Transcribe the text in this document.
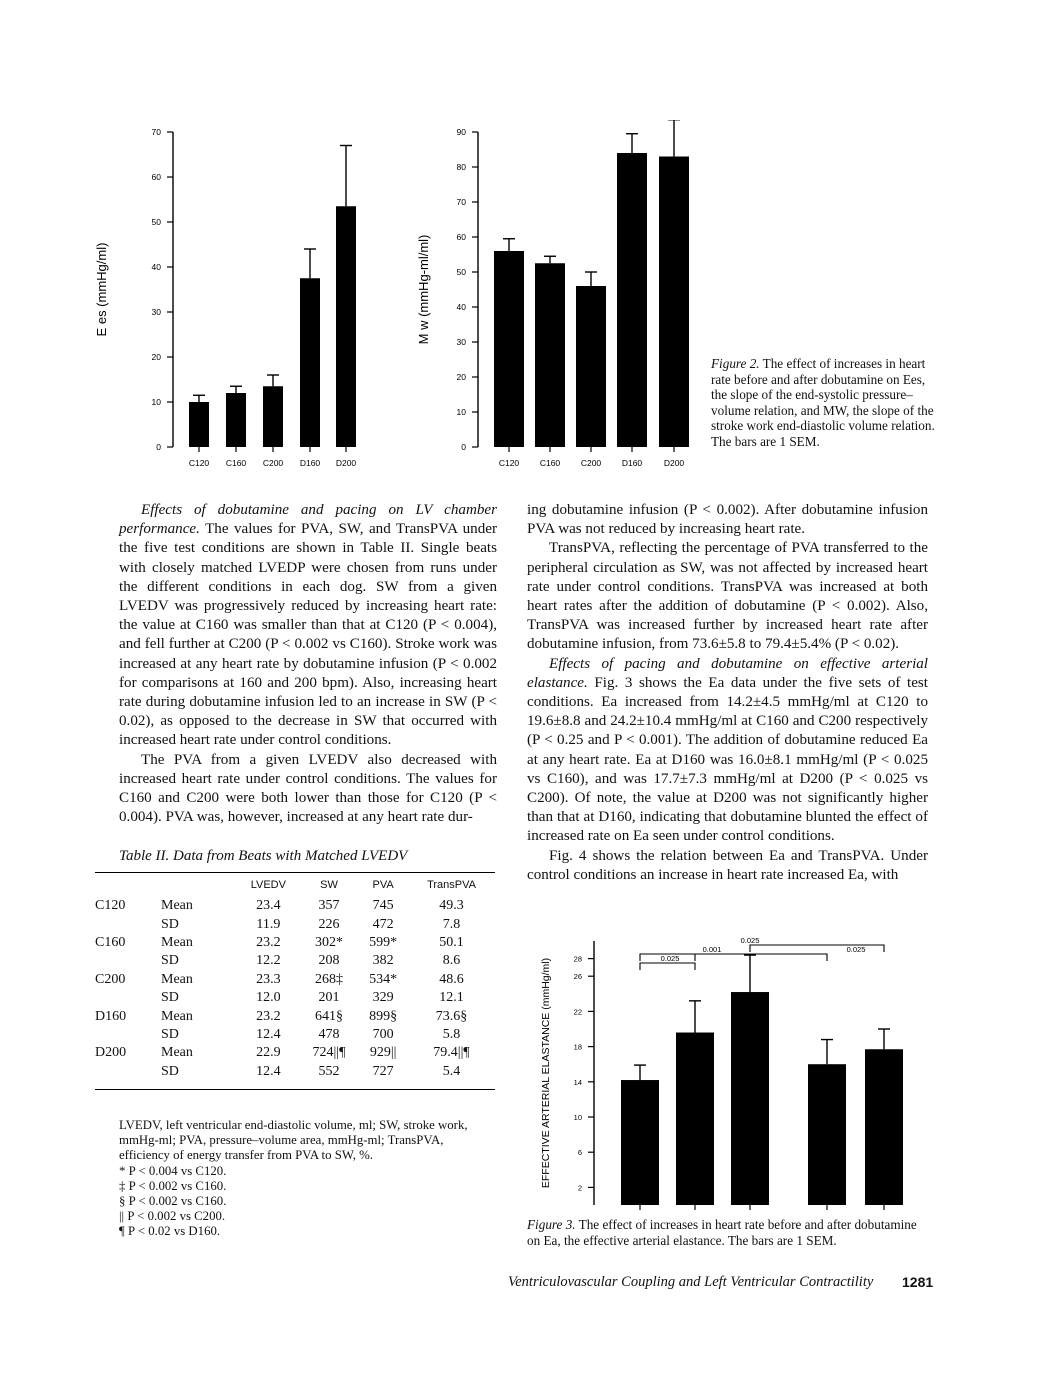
0
10
20
30
40
50
60
70
E es (mmHg/ml)
C120 C160 C200 D160 D200
0
10
20
30
40
50
60
70
80
90
M w (mmHg-ml/ml)
C120 C160 C200 D160	D200
Figure 2. The effect of increases in heart rate before and after dobutamine on Ees, the slope of the end-systolic pressure–volume relation, and MW, the slope of the stroke work end-diastolic volume relation. The bars are 1 SEM.

Effects of dobutamine and pacing on LV chamber performance. The values for PVA, SW, and TransPVA under the five test conditions are shown in Table II. Single beats with closely matched LVEDP were chosen from runs under the different conditions in each dog. SW from a given LVEDV was progressively reduced by increasing heart rate: the value at C160 was smaller than that at C120 (P < 0.004), and fell further at C200 (P < 0.002 vs C160). Stroke work was increased at any heart rate by dobutamine infusion (P < 0.002 for comparisons at 160 and 200 bpm). Also, increasing heart rate during dobutamine infusion led to an increase in SW (P < 0.02), as opposed to the decrease in SW that occurred with increased heart rate under control conditions.

The PVA from a given LVEDV also decreased with increased heart rate under control conditions. The values for C160 and C200 were both lower than those for C120 (P < 0.004). PVA was, however, increased at any heart rate dur-

Table II. Data from Beats with Matched LVEDV
		LVEDV	SW	PVA	TransPVA
C120	Mean	23.4	357	745	49.3
	SD	11.9	226	472	7.8
C160	Mean	23.2	302*	599*	50.1
	SD	12.2	208	382	8.6
C200	Mean	23.3	268‡	534*	48.6
	SD	12.0	201	329	12.1
D160	Mean	23.2	641§	899§	73.6§
	SD	12.4	478	700	5.8
D200	Mean	22.9	724||¶	929||	79.4||¶
	SD	12.4	552	727	5.4
LVEDV, left ventricular end-diastolic volume, ml; SW, stroke work, mmHg-ml; PVA, pressure–volume area, mmHg-ml; TransPVA, efficiency of energy transfer from PVA to SW, %.
* P < 0.004 vs C120.
‡ P < 0.002 vs C160.
§ P < 0.002 vs C160.
|| P < 0.002 vs C200.
¶ P < 0.02 vs D160.

ing dobutamine infusion (P < 0.002). After dobutamine infusion PVA was not reduced by increasing heart rate.

TransPVA, reflecting the percentage of PVA transferred to the peripheral circulation as SW, was not affected by increased heart rate under control conditions. TransPVA was increased at both heart rates after the addition of dobutamine (P < 0.002). Also, TransPVA was increased further by increased heart rate after dobutamine infusion, from 73.6±5.8 to 79.4±5.4% (P < 0.02).

Effects of pacing and dobutamine on effective arterial elastance. Fig. 3 shows the Ea data under the five sets of test conditions. Ea increased from 14.2±4.5 mmHg/ml at C120 to 19.6±8.8 and 24.2±10.4 mmHg/ml at C160 and C200 respectively (P < 0.25 and P < 0.001). The addition of dobutamine reduced Ea at any heart rate. Ea at D160 was 16.0±8.1 mmHg/ml (P < 0.025 vs C160), and was 17.7±7.3 mmHg/ml at D200 (P < 0.025 vs C200). Of note, the value at D200 was not significantly higher than that at D160, indicating that dobutamine blunted the effect of increased rate on Ea seen under control conditions.

Fig. 4 shows the relation between Ea and TransPVA. Under control conditions an increase in heart rate increased Ea, with

2
6
10
14
18
22
26
28
EFFECTIVE ARTERIAL ELASTANCE (mmHg/ml)
C120	C160	C200	D160	D200
0.025
0.001
0.025
0.025
Figure 3. The effect of increases in heart rate before and after dobutamine on Ea, the effective arterial elastance. The bars are 1 SEM.
Ventriculovascular Coupling and Left Ventricular Contractility 1281
